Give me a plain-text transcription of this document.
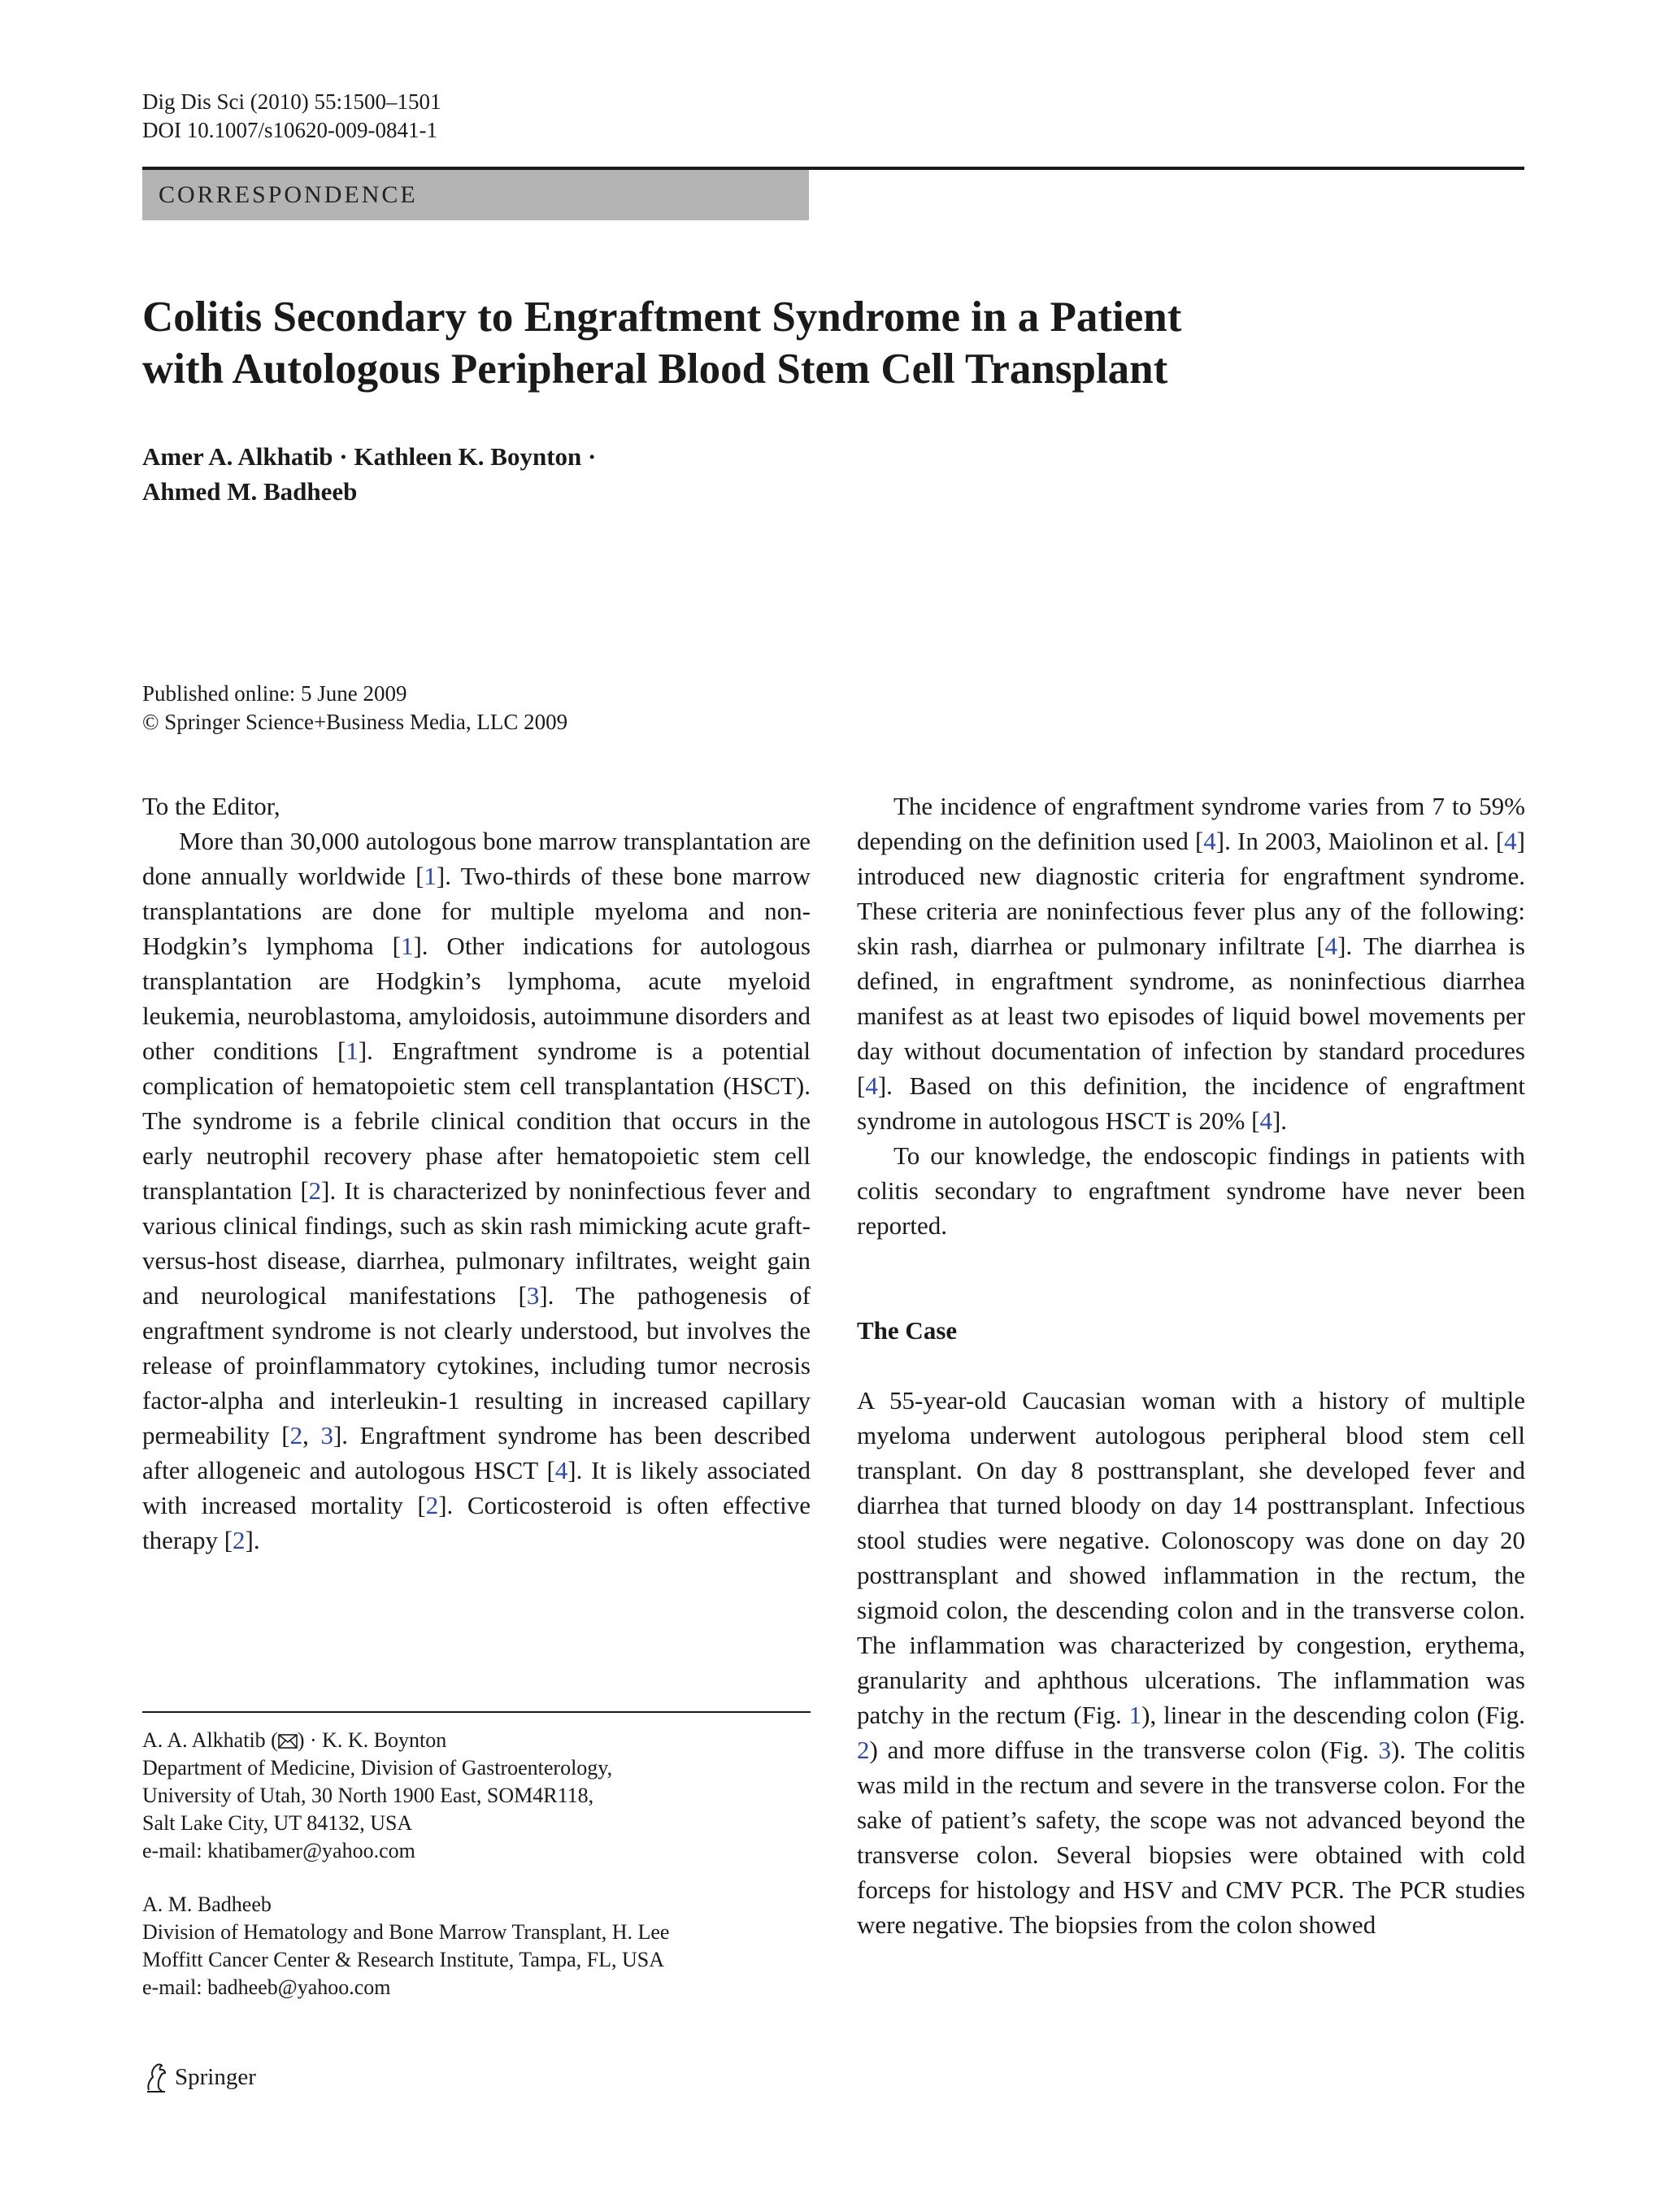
Dig Dis Sci (2010) 55:1500–1501
DOI 10.1007/s10620-009-0841-1
CORRESPONDENCE
Colitis Secondary to Engraftment Syndrome in a Patient
with Autologous Peripheral Blood Stem Cell Transplant
Amer A. Alkhatib · Kathleen K. Boynton ·
Ahmed M. Badheeb
Published online: 5 June 2009
© Springer Science+Business Media, LLC 2009

To the Editor,

More than 30,000 autologous bone marrow transplantation are done annually worldwide [1]. Two-thirds of these bone marrow transplantations are done for multiple myeloma and non-Hodgkin’s lymphoma [1]. Other indications for autologous transplantation are Hodgkin’s lymphoma, acute myeloid leukemia, neuroblastoma, amyloidosis, autoimmune disorders and other conditions [1]. Engraftment syndrome is a potential complication of hematopoietic stem cell transplantation (HSCT). The syndrome is a febrile clinical condition that occurs in the early neutrophil recovery phase after hematopoietic stem cell transplantation [2]. It is characterized by noninfectious fever and various clinical findings, such as skin rash mimicking acute graft-versus-host disease, diarrhea, pulmonary infiltrates, weight gain and neurological manifestations [3]. The pathogenesis of engraftment syndrome is not clearly understood, but involves the release of proinflammatory cytokines, including tumor necrosis factor-alpha and interleukin-1 resulting in increased capillary permeability [2, 3]. Engraftment syndrome has been described after allogeneic and autologous HSCT [4]. It is likely associated with increased mortality [2]. Corticosteroid is often effective therapy [2].

The incidence of engraftment syndrome varies from 7 to 59% depending on the definition used [4]. In 2003, Maiolinon et al. [4] introduced new diagnostic criteria for engraftment syndrome. These criteria are noninfectious fever plus any of the following: skin rash, diarrhea or pulmonary infiltrate [4]. The diarrhea is defined, in engraftment syndrome, as noninfectious diarrhea manifest as at least two episodes of liquid bowel movements per day without documentation of infection by standard procedures [4]. Based on this definition, the incidence of engraftment syndrome in autologous HSCT is 20% [4].

To our knowledge, the endoscopic findings in patients with colitis secondary to engraftment syndrome have never been reported.

The Case

A 55-year-old Caucasian woman with a history of multiple myeloma underwent autologous peripheral blood stem cell transplant. On day 8 posttransplant, she developed fever and diarrhea that turned bloody on day 14 posttransplant. Infectious stool studies were negative. Colonoscopy was done on day 20 posttransplant and showed inflammation in the rectum, the sigmoid colon, the descending colon and in the transverse colon. The inflammation was characterized by congestion, erythema, granularity and aphthous ulcerations. The inflammation was patchy in the rectum (Fig. 1), linear in the descending colon (Fig. 2) and more diffuse in the transverse colon (Fig. 3). The colitis was mild in the rectum and severe in the transverse colon. For the sake of patient’s safety, the scope was not advanced beyond the transverse colon. Several biopsies were obtained with cold forceps for histology and HSV and CMV PCR. The PCR studies were negative. The biopsies from the colon showed

A. A. Alkhatib ( ) · K. K. Boynton
Department of Medicine, Division of Gastroenterology,
University of Utah, 30 North 1900 East, SOM4R118,
Salt Lake City, UT 84132, USA
e-mail: khatibamer@yahoo.com
A. M. Badheeb
Division of Hematology and Bone Marrow Transplant, H. Lee
Moffitt Cancer Center & Research Institute, Tampa, FL, USA
e-mail: badheeb@yahoo.com
Springer
